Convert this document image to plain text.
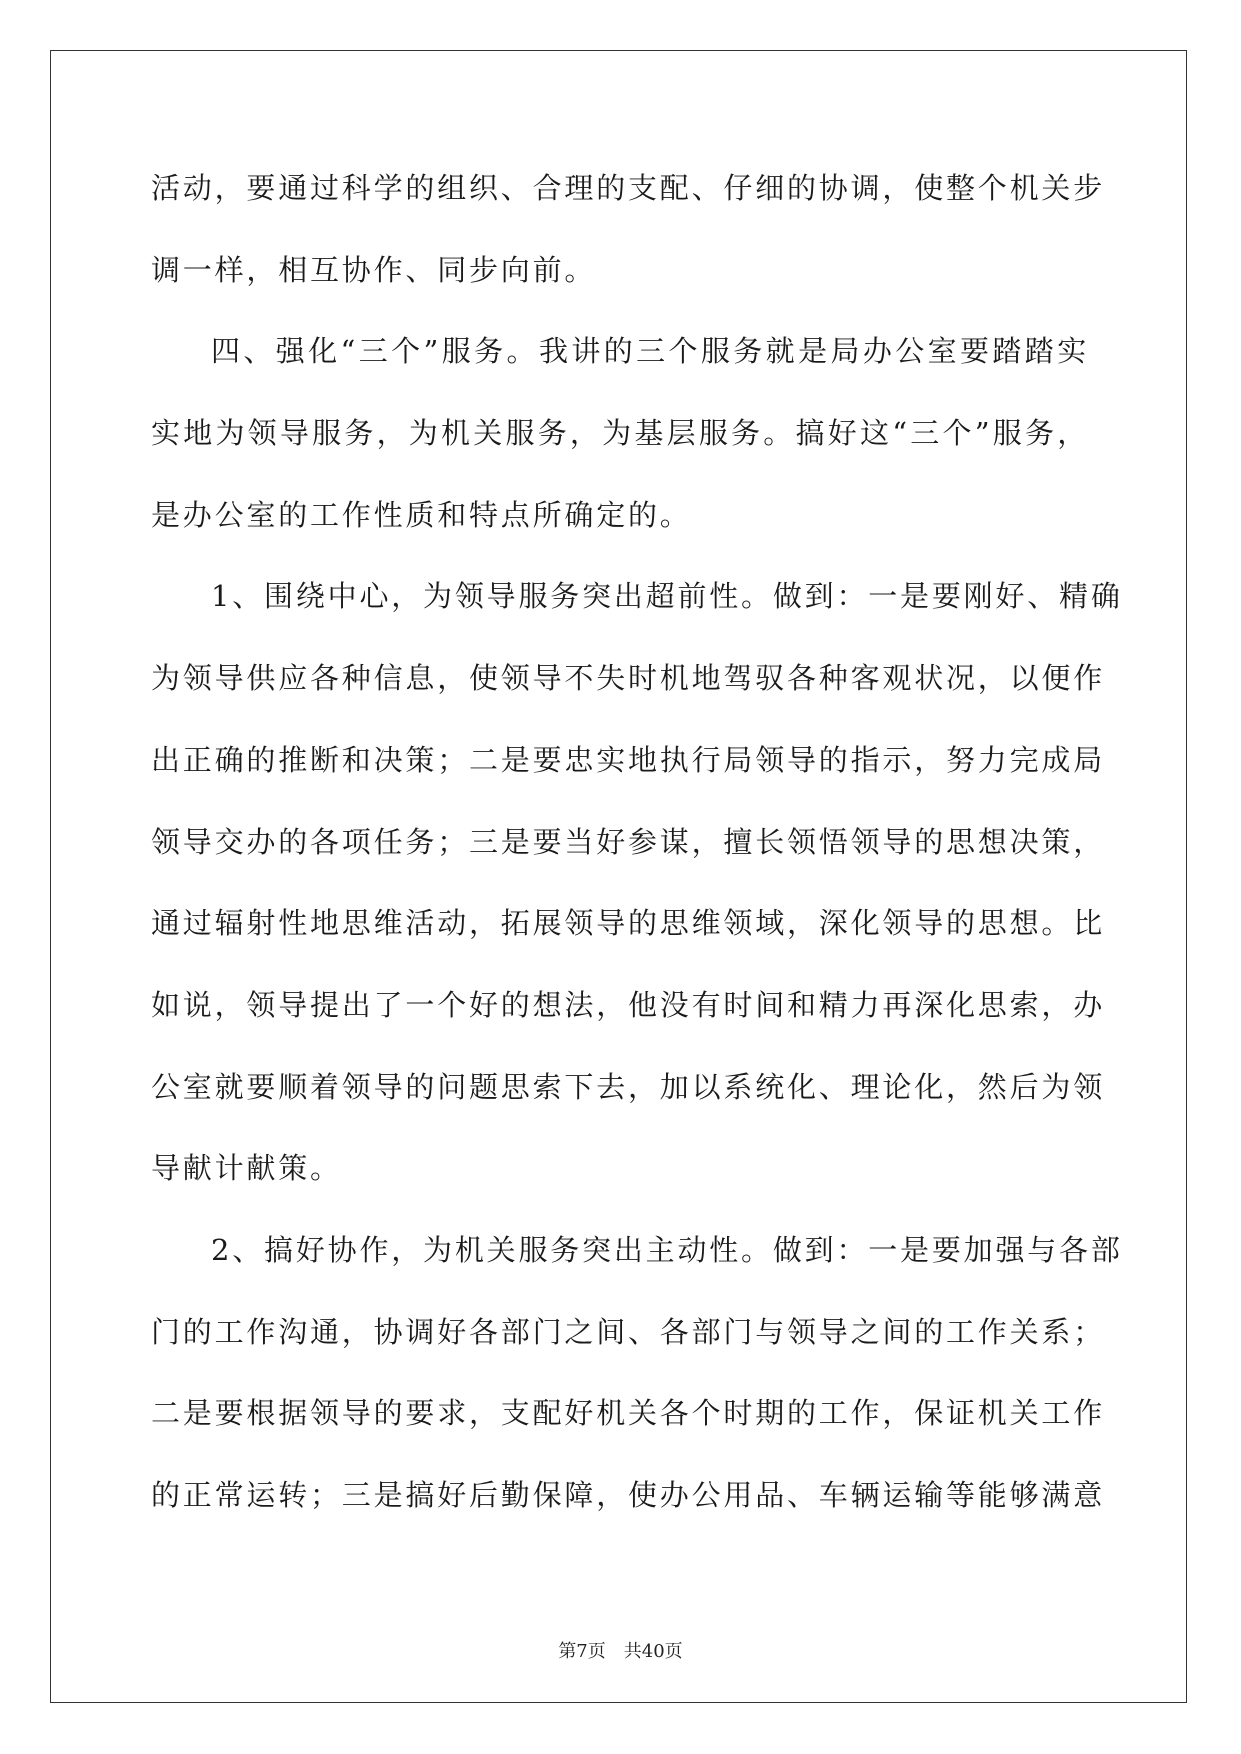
活动，要通过科学的组织、合理的支配、仔细的协调，使整个机关步
调一样，相互协作、同步向前。
四、强化“三个”服务。我讲的三个服务就是局办公室要踏踏实
实地为领导服务，为机关服务，为基层服务。搞好这“三个”服务，
是办公室的工作性质和特点所确定的。
1、围绕中心，为领导服务突出超前性。做到：一是要刚好、精确
为领导供应各种信息，使领导不失时机地驾驭各种客观状况，以便作
出正确的推断和决策；二是要忠实地执行局领导的指示，努力完成局
领导交办的各项任务；三是要当好参谋，擅长领悟领导的思想决策，
通过辐射性地思维活动，拓展领导的思维领域，深化领导的思想。比
如说，领导提出了一个好的想法，他没有时间和精力再深化思索，办
公室就要顺着领导的问题思索下去，加以系统化、理论化，然后为领
导献计献策。
2、搞好协作，为机关服务突出主动性。做到：一是要加强与各部
门的工作沟通，协调好各部门之间、各部门与领导之间的工作关系；
二是要根据领导的要求，支配好机关各个时期的工作，保证机关工作
的正常运转；三是搞好后勤保障，使办公用品、车辆运输等能够满意
第7页 共40页
